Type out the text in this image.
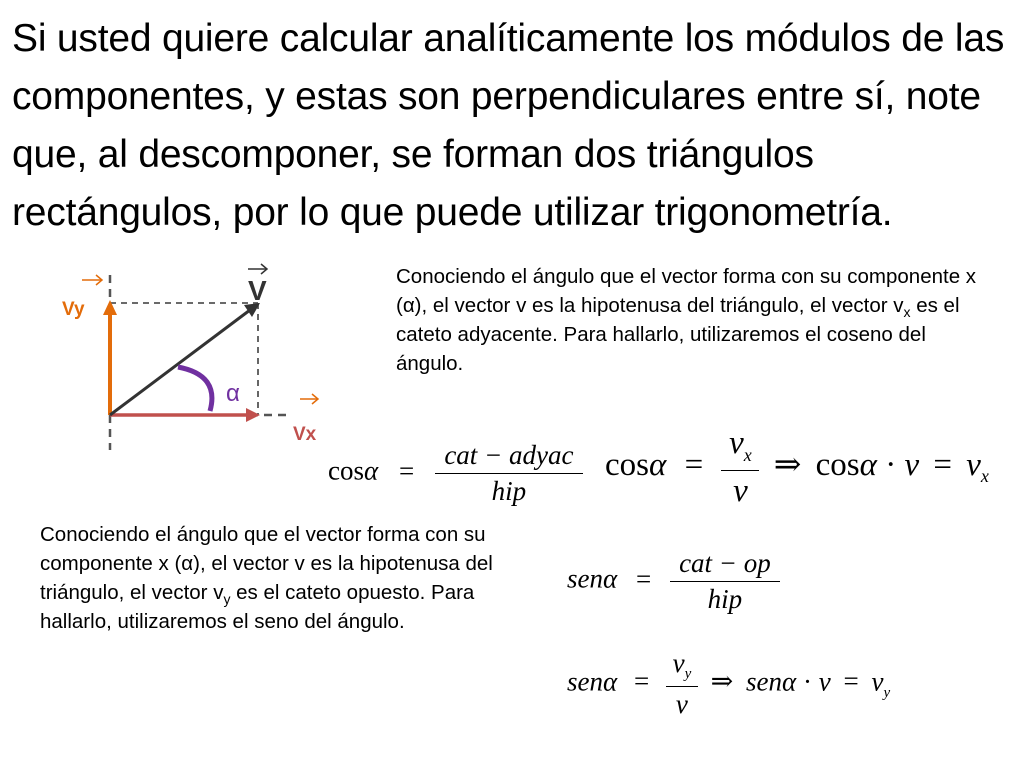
Si usted quiere calcular analíticamente los módulos de las componentes, y estas son perpendiculares entre sí, note que, al descomponer, se forman dos triángulos rectángulos, por lo que puede utilizar trigonometría.
α
V
Vy
Vx

Conociendo el ángulo que el vector forma con su componente x (α), el vector v es la hipotenusa del triángulo, el vector $v_x$ es el cateto adyacente. Para hallarlo, utilizaremos el coseno del ángulo.

$\cos\alpha = \frac{\text{cat − adyac}}{\text{hip}}$ $\cos\alpha = \frac{v_x}{v}$ ⇒ $\cos\alpha \cdot v = v_x$

Conociendo el ángulo que el vector forma con su componente x (α), el vector v es la hipotenusa del triángulo, el vector $v_y$ es el cateto opuesto. Para hallarlo, utilizaremos el seno del ángulo.

$sen\alpha = \frac{\text{cat − op}}{\text{hip}}$
$sen\alpha = \frac{v_y}{v}$ ⇒ $sen\alpha \cdot v = v_y$
